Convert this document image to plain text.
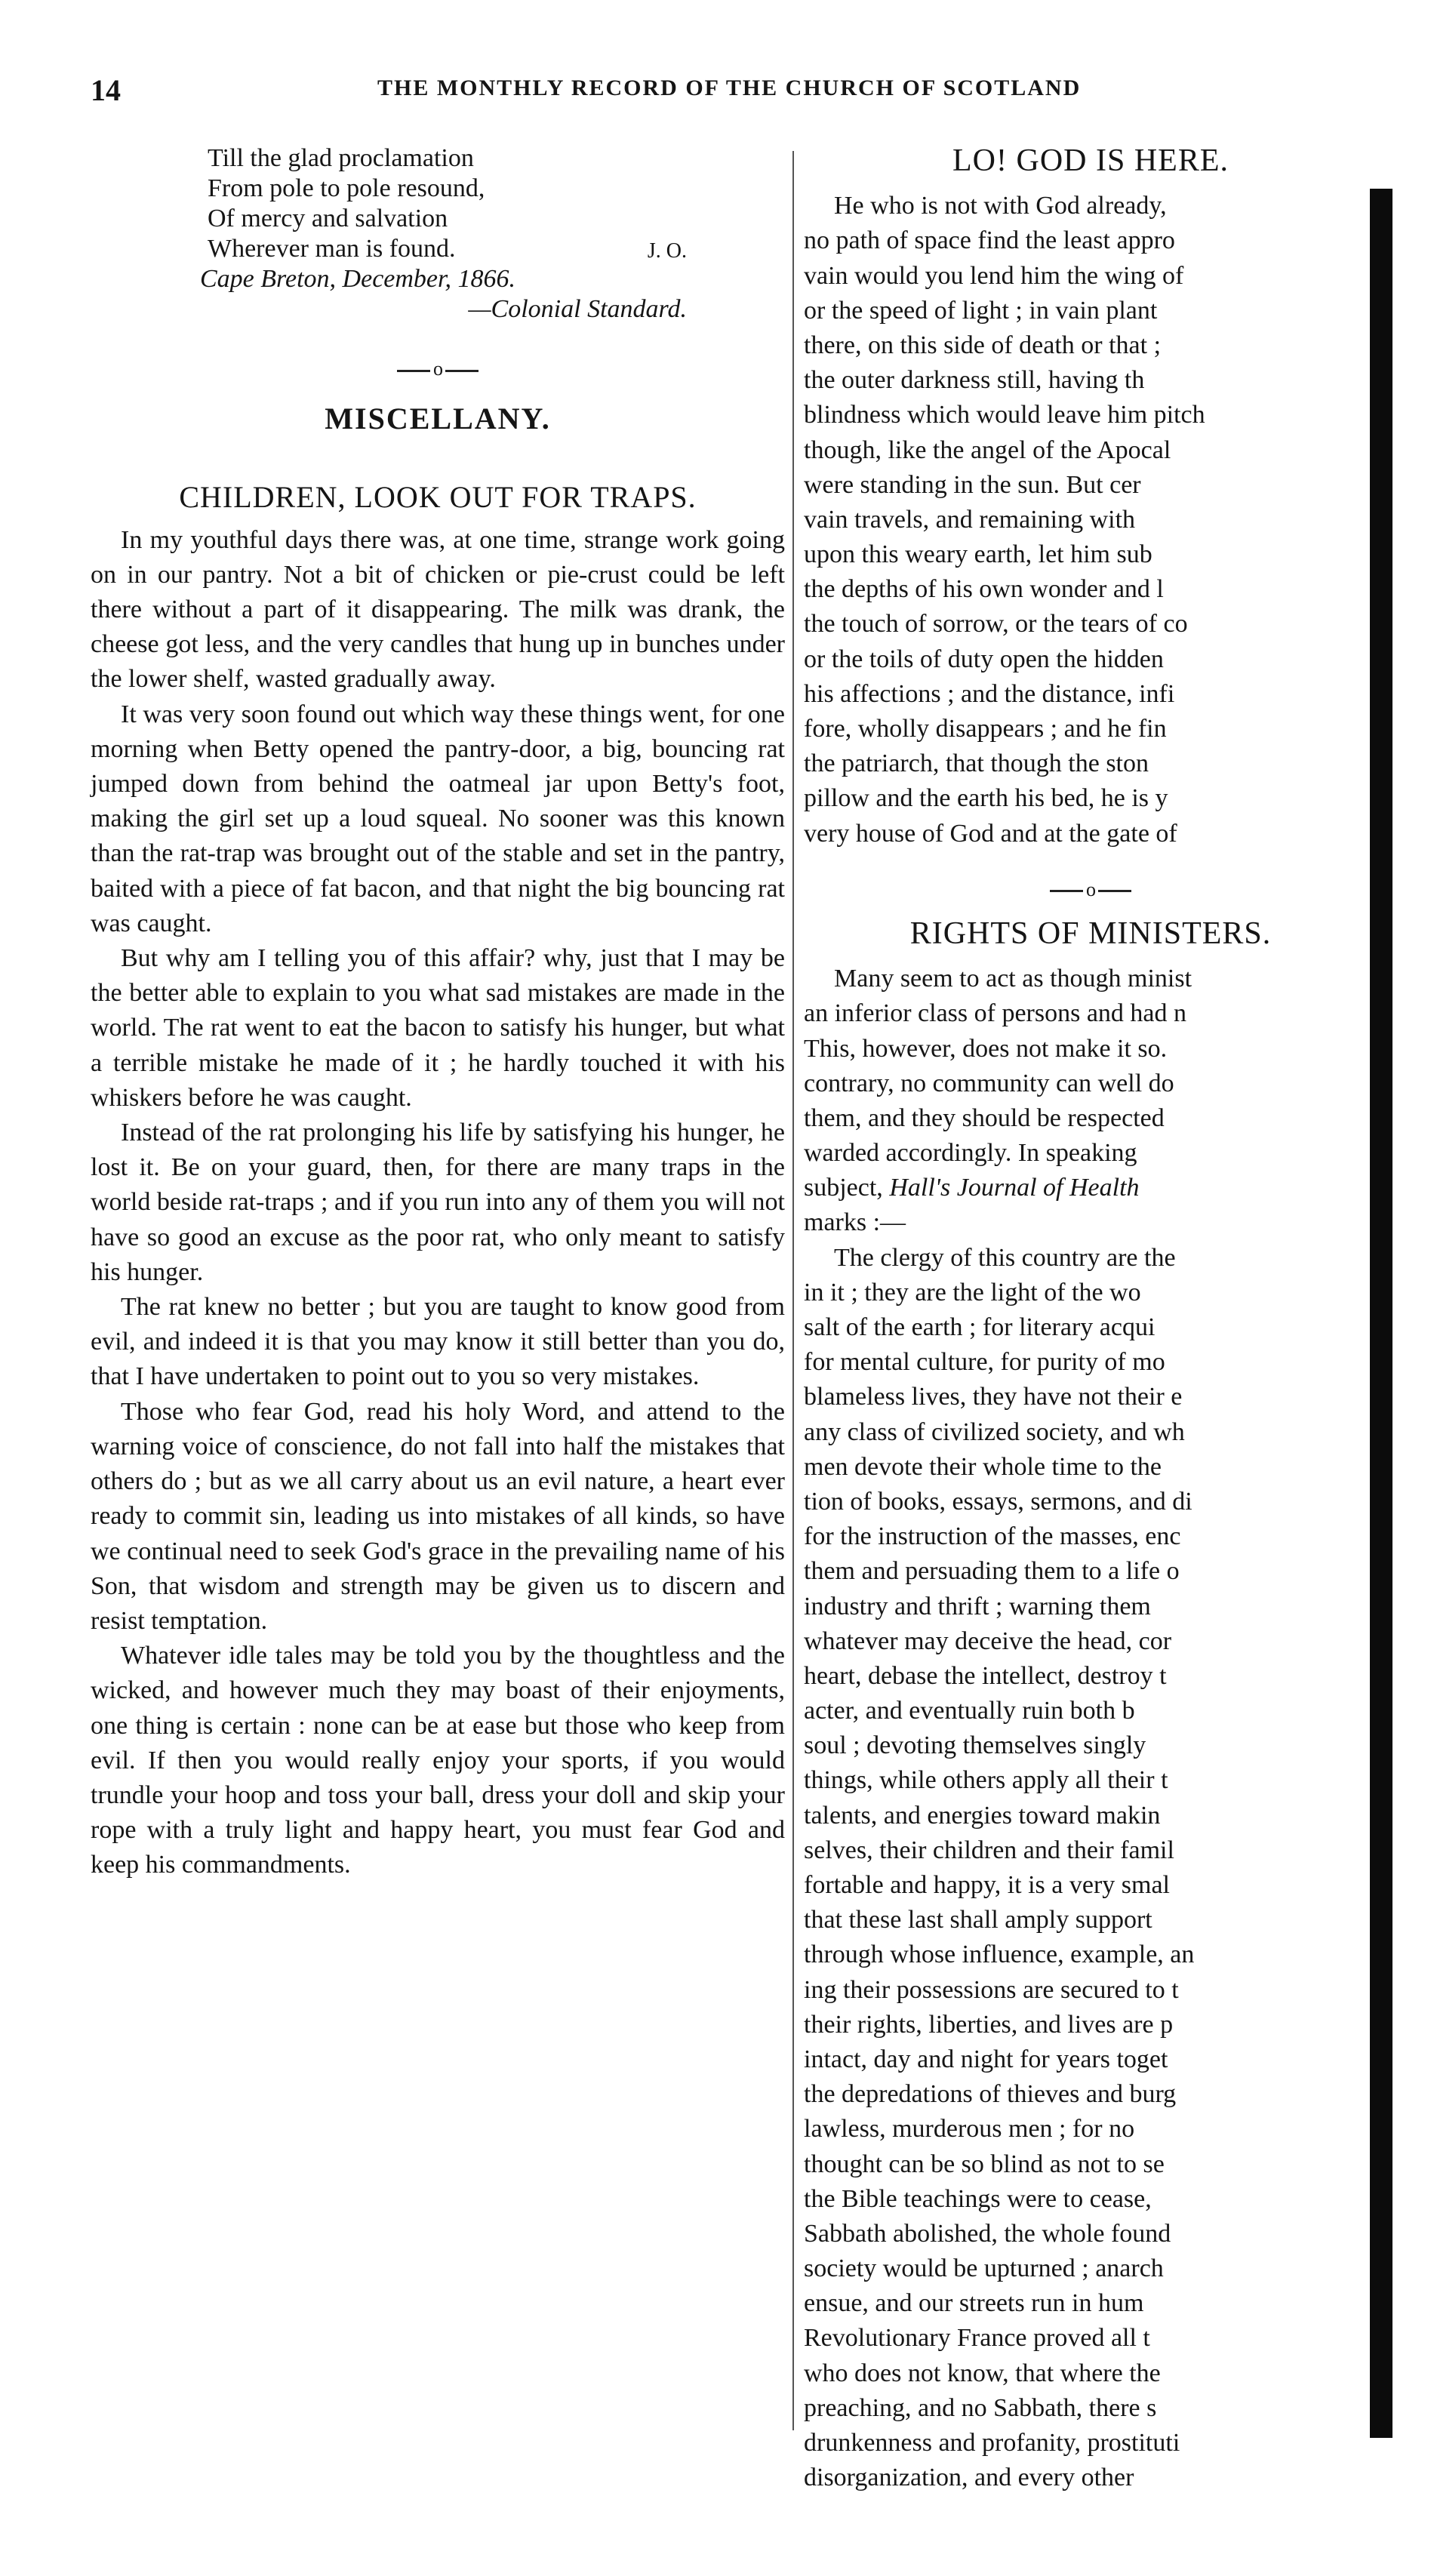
14	THE MONTHLY RECORD OF THE CHURCH OF SCOTLAND
Till the glad proclamation
From pole to pole resound,
Of mercy and salvation
Wherever man is found.	J. O.
Cape Breton, December, 1866.
—Colonial Standard.
o
MISCELLANY.
CHILDREN, LOOK OUT FOR TRAPS.

In my youthful days there was, at one time, strange work going on in our pantry. Not a bit of chicken or pie-crust could be left there without a part of it disappearing. The milk was drank, the cheese got less, and the very candles that hung up in bunches under the lower shelf, wasted gradually away.

It was very soon found out which way these things went, for one morning when Betty opened the pantry-door, a big, bouncing rat jumped down from behind the oatmeal jar upon Betty's foot, making the girl set up a loud squeal. No sooner was this known than the rat-trap was brought out of the stable and set in the pantry, baited with a piece of fat bacon, and that night the big bouncing rat was caught.

But why am I telling you of this affair? why, just that I may be the better able to explain to you what sad mistakes are made in the world. The rat went to eat the bacon to satisfy his hunger, but what a terrible mistake he made of it ; he hardly touched it with his whiskers before he was caught.

Instead of the rat prolonging his life by satisfying his hunger, he lost it. Be on your guard, then, for there are many traps in the world beside rat-traps ; and if you run into any of them you will not have so good an excuse as the poor rat, who only meant to satisfy his hunger.

The rat knew no better ; but you are taught to know good from evil, and indeed it is that you may know it still better than you do, that I have undertaken to point out to you so very mistakes.

Those who fear God, read his holy Word, and attend to the warning voice of conscience, do not fall into half the mistakes that others do ; but as we all carry about us an evil nature, a heart ever ready to commit sin, leading us into mistakes of all kinds, so have we continual need to seek God's grace in the prevailing name of his Son, that wisdom and strength may be given us to discern and resist temptation.

Whatever idle tales may be told you by the thoughtless and the wicked, and however much they may boast of their enjoyments, one thing is certain : none can be at ease but those who keep from evil. If then you would really enjoy your sports, if you would trundle your hoop and toss your ball, dress your doll and skip your rope with a truly light and happy heart, you must fear God and keep his commandments.

LO! GOD IS HERE.
He who is not with God already,
no path of space find the least appro
vain would you lend him the wing of
or the speed of light ; in vain plant
there, on this side of death or that ;
the outer darkness still, having th
blindness which would leave him pitch
though, like the angel of the Apocal
were standing in the sun. But cer
vain travels, and remaining with
upon this weary earth, let him sub
the depths of his own wonder and l
the touch of sorrow, or the tears of co
or the toils of duty open the hidden
his affections ; and the distance, infi
fore, wholly disappears ; and he fin
the patriarch, that though the ston
pillow and the earth his bed, he is y
very house of God and at the gate of
o
RIGHTS OF MINISTERS.
Many seem to act as though minist
an inferior class of persons and had n
This, however, does not make it so.
contrary, no community can well do
them, and they should be respected
warded accordingly. In speaking
subject, Hall's Journal of Health
marks :—
The clergy of this country are the
in it ; they are the light of the wo
salt of the earth ; for literary acqui
for mental culture, for purity of mo
blameless lives, they have not their e
any class of civilized society, and wh
men devote their whole time to the
tion of books, essays, sermons, and di
for the instruction of the masses, enc
them and persuading them to a life o
industry and thrift ; warning them
whatever may deceive the head, cor
heart, debase the intellect, destroy t
acter, and eventually ruin both b
soul ; devoting themselves singly
things, while others apply all their t
talents, and energies toward makin
selves, their children and their famil
fortable and happy, it is a very smal
that these last shall amply support
through whose influence, example, an
ing their possessions are secured to t
their rights, liberties, and lives are p
intact, day and night for years toget
the depredations of thieves and burg
lawless, murderous men ; for no
thought can be so blind as not to se
the Bible teachings were to cease,
Sabbath abolished, the whole found
society would be upturned ; anarch
ensue, and our streets run in hum
Revolutionary France proved all t
who does not know, that where the
preaching, and no Sabbath, there s
drunkenness and profanity, prostituti
disorganization, and every other
